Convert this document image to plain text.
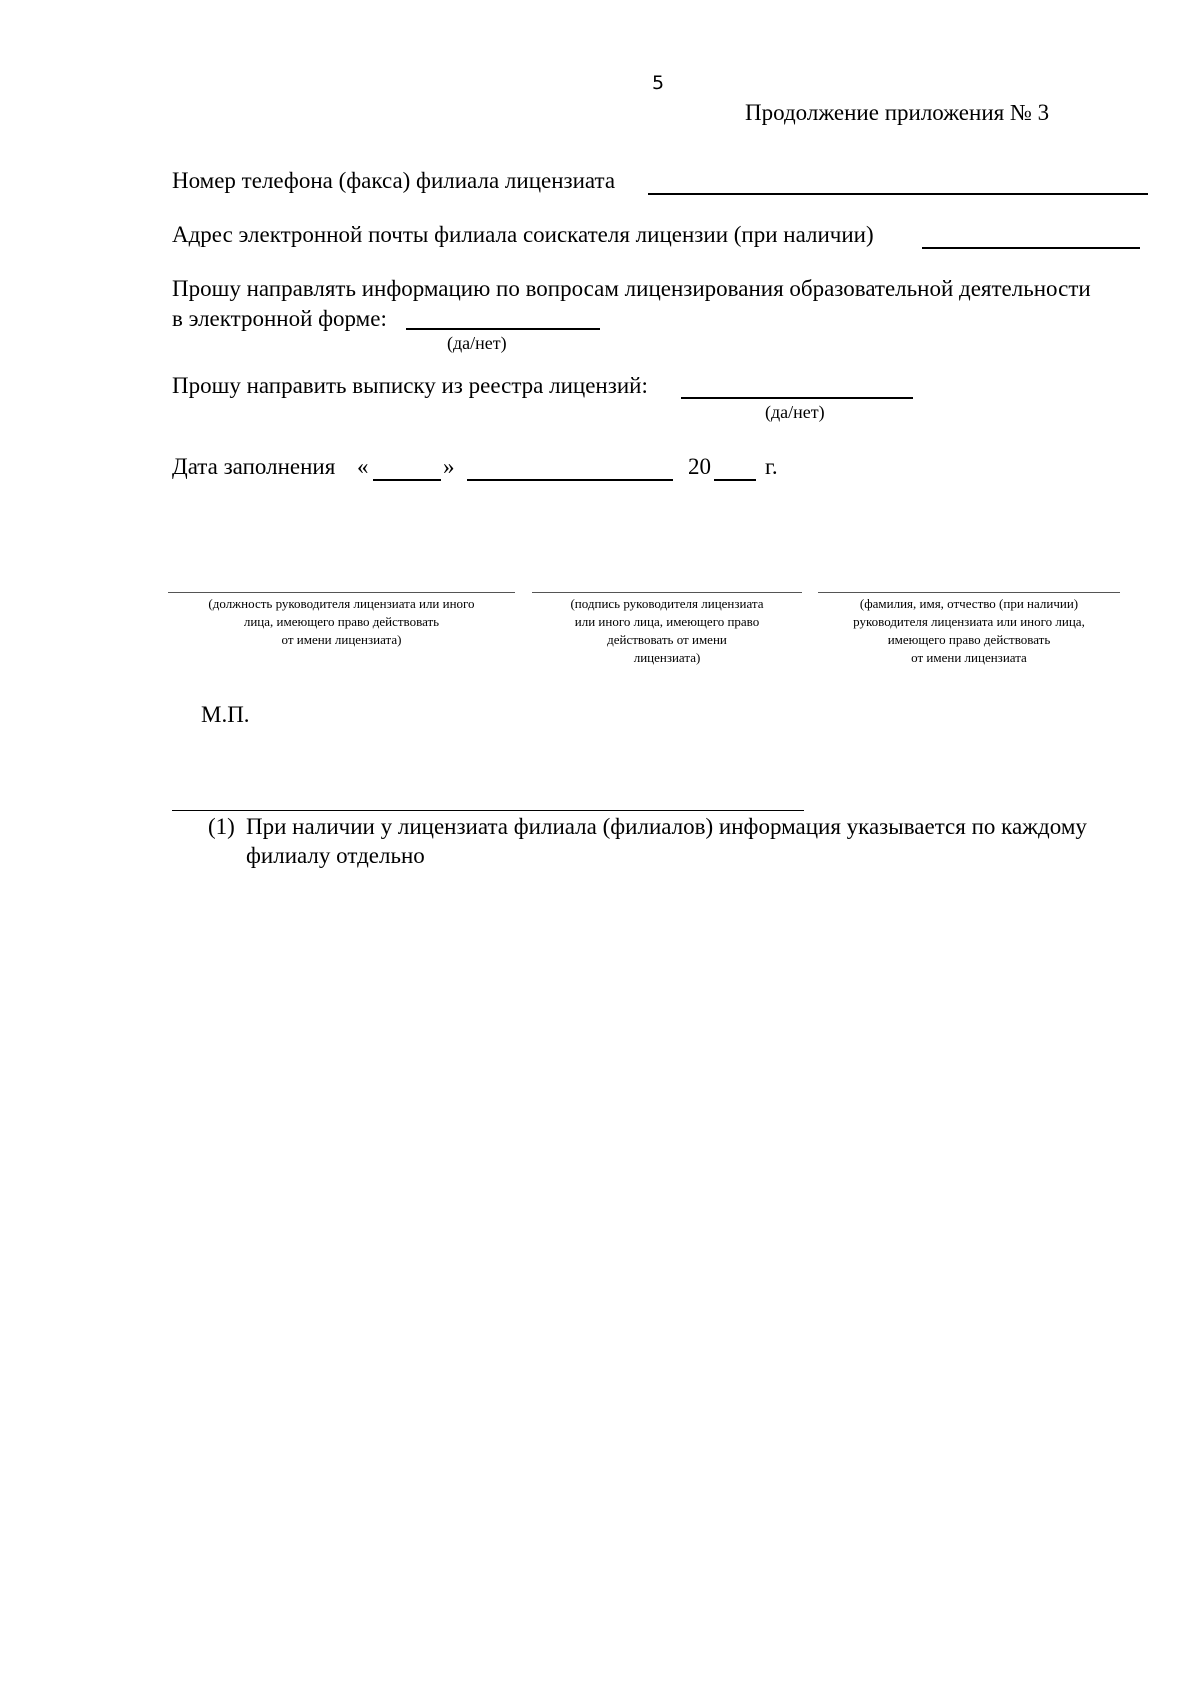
5
Продолжение приложения № 3
Номер телефона (факса) филиала лицензиата
Адрес электронной почты филиала соискателя лицензии (при наличии)
Прошу направлять информацию по вопросам лицензирования образовательной деятельности
в электронной форме:
(да/нет)
Прошу направить выписку из реестра лицензий:
(да/нет)
Дата заполнения «	»	20 г.
(должность руководителя лицензиата или иного
лица, имеющего право действовать
от имени лицензиата)
(подпись руководителя лицензиата
или иного лица, имеющего право
действовать от имени
лицензиата)
(фамилия, имя, отчество (при наличии)
руководителя лицензиата или иного лица,
имеющего право действовать
от имени лицензиата
М.П.
(1) При наличии у лицензиата филиала (филиалов) информация указывается по каждому
филиалу отдельно
